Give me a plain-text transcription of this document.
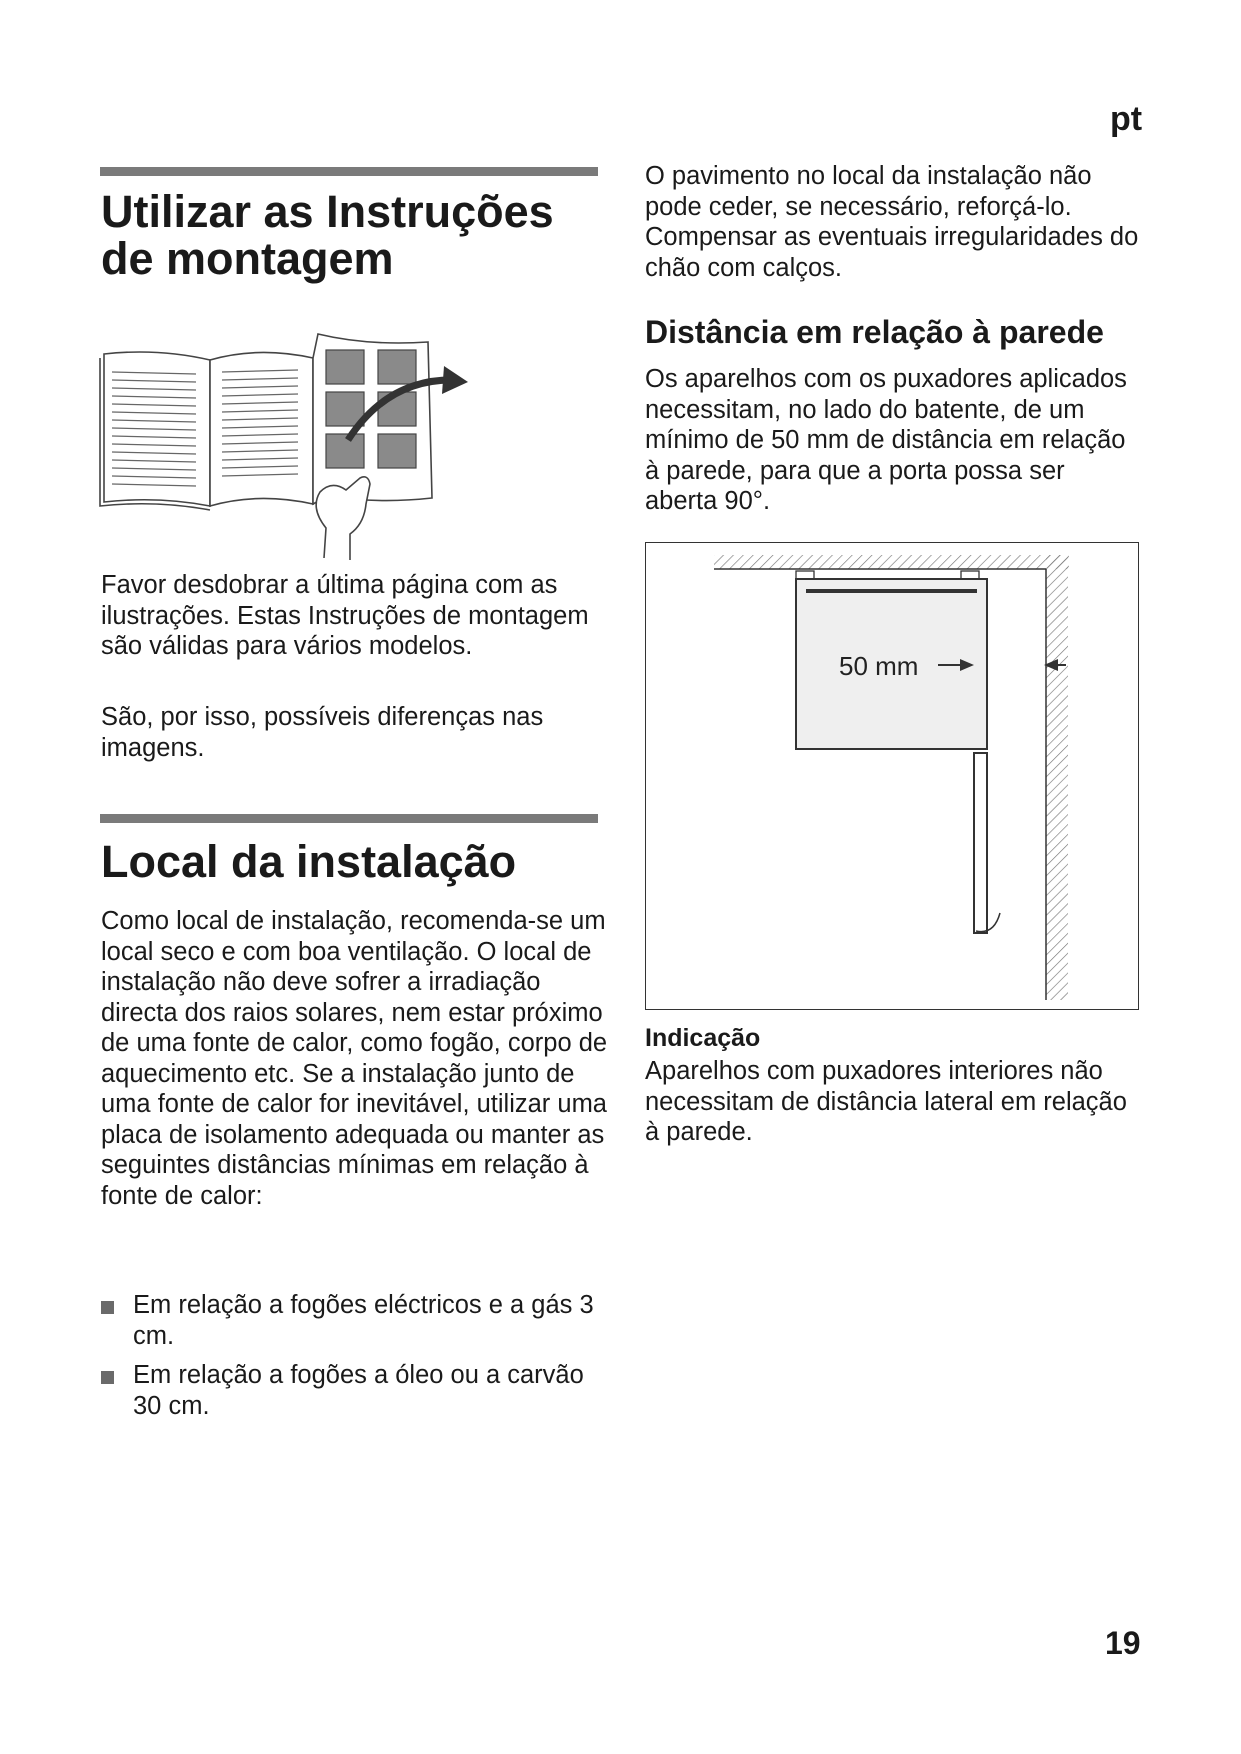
pt
Utilizar as Instruções
de montagem

Favor desdobrar a última página com as ilustrações. Estas Instruções de montagem são válidas para vários modelos.

São, por isso, possíveis diferenças nas imagens.

Local da instalação

Como local de instalação, recomenda-se um local seco e com boa ventilação. O local de instalação não deve sofrer a irradiação directa dos raios solares, nem estar próximo de uma fonte de calor, como fogão, corpo de aquecimento etc. Se a instalação junto de uma fonte de calor for inevitável, utilizar uma placa de isolamento adequada ou manter as seguintes distâncias mínimas em relação à fonte de calor:

Em relação a fogões eléctricos e a gás 3 cm.
Em relação a fogões a óleo ou a carvão 30 cm.

O pavimento no local da instalação não pode ceder, se necessário, reforçá-lo. Compensar as eventuais irregularidades do chão com calços.

Distância em relação à parede

Os aparelhos com os puxadores aplicados necessitam, no lado do batente, de um mínimo de 50 mm de distância em relação à parede, para que a porta possa ser aberta 90°.

50 mm
Indicação

Aparelhos com puxadores interiores não necessitam de distância lateral em relação à parede.

19
